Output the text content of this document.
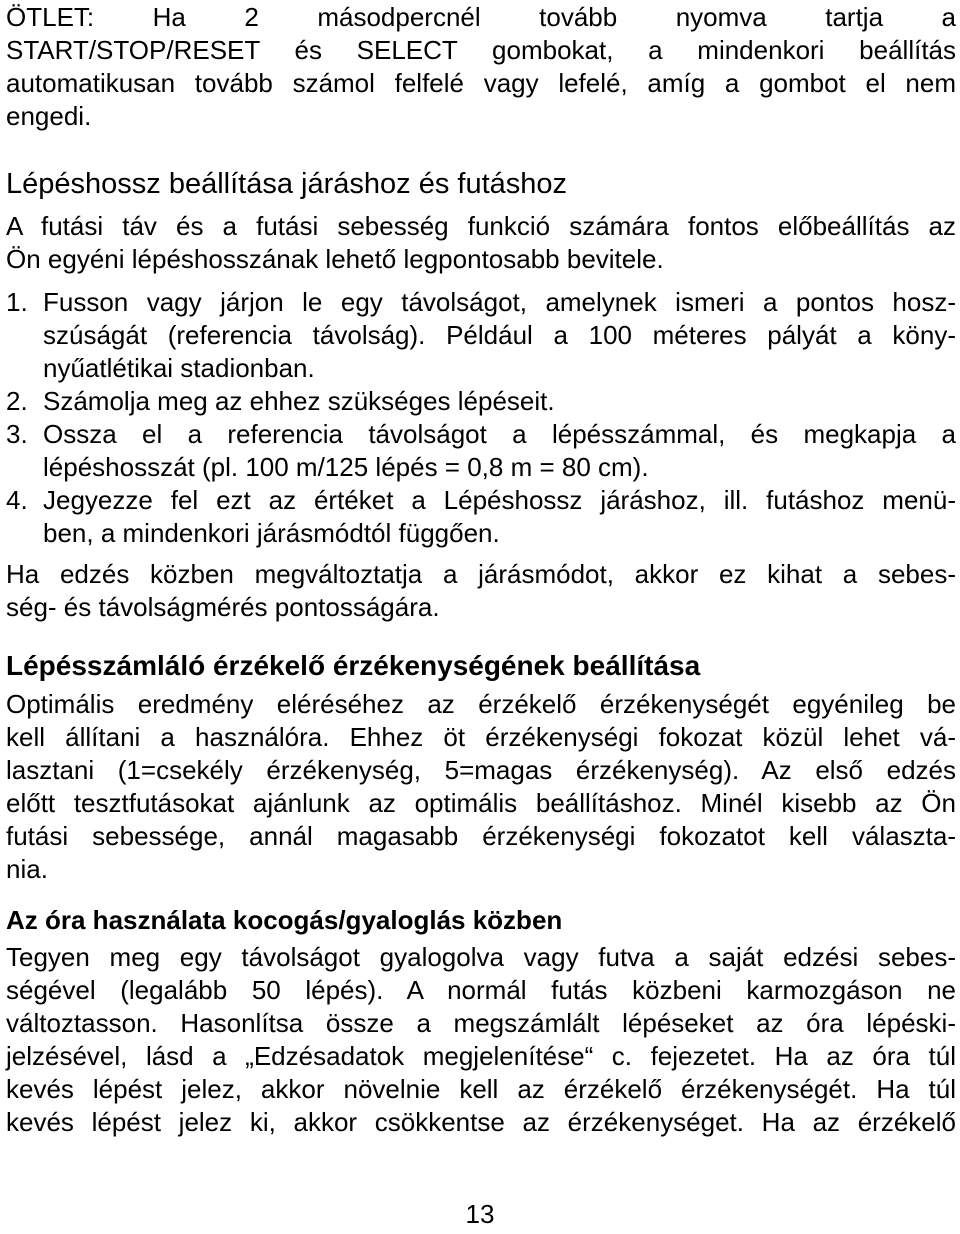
ÖTLET: Ha 2 másodpercnél tovább nyomva tartja a
START/STOP/RESET és SELECT gombokat, a mindenkori beállítás
automatikusan tovább számol felfelé vagy lefelé, amíg a gombot el nem
engedi.
Lépéshossz beállítása járáshoz és futáshoz
A futási táv és a futási sebesség funkció számára fontos előbeállítás az
Ön egyéni lépéshosszának lehető legpontosabb bevitele.
1. Fusson vagy járjon le egy távolságot, amelynek ismeri a pontos hosz-
szúságát (referencia távolság). Például a 100 méteres pályát a köny-
nyűatlétikai stadionban.
2. Számolja meg az ehhez szükséges lépéseit.
3. Ossza el a referencia távolságot a lépésszámmal, és megkapja a
lépéshosszát (pl. 100 m/125 lépés = 0,8 m = 80 cm).
4. Jegyezze fel ezt az értéket a Lépéshossz járáshoz, ill. futáshoz menü-
ben, a mindenkori járásmódtól függően.
Ha edzés közben megváltoztatja a járásmódot, akkor ez kihat a sebes-
ség- és távolságmérés pontosságára.
Lépésszámláló érzékelő érzékenységének beállítása
Optimális eredmény eléréséhez az érzékelő érzékenységét egyénileg be
kell állítani a használóra. Ehhez öt érzékenységi fokozat közül lehet vá-
lasztani (1=csekély érzékenység, 5=magas érzékenység). Az első edzés
előtt tesztfutásokat ajánlunk az optimális beállításhoz. Minél kisebb az Ön
futási sebessége, annál magasabb érzékenységi fokozatot kell választa-
nia.
Az óra használata kocogás/gyaloglás közben
Tegyen meg egy távolságot gyalogolva vagy futva a saját edzési sebes-
ségével (legalább 50 lépés). A normál futás közbeni karmozgáson ne
változtasson. Hasonlítsa össze a megszámlált lépéseket az óra lépéski-
jelzésével, lásd a „Edzésadatok megjelenítése“ c. fejezetet. Ha az óra túl
kevés lépést jelez, akkor növelnie kell az érzékelő érzékenységét. Ha túl
kevés lépést jelez ki, akkor csökkentse az érzékenységet. Ha az érzékelő
13
